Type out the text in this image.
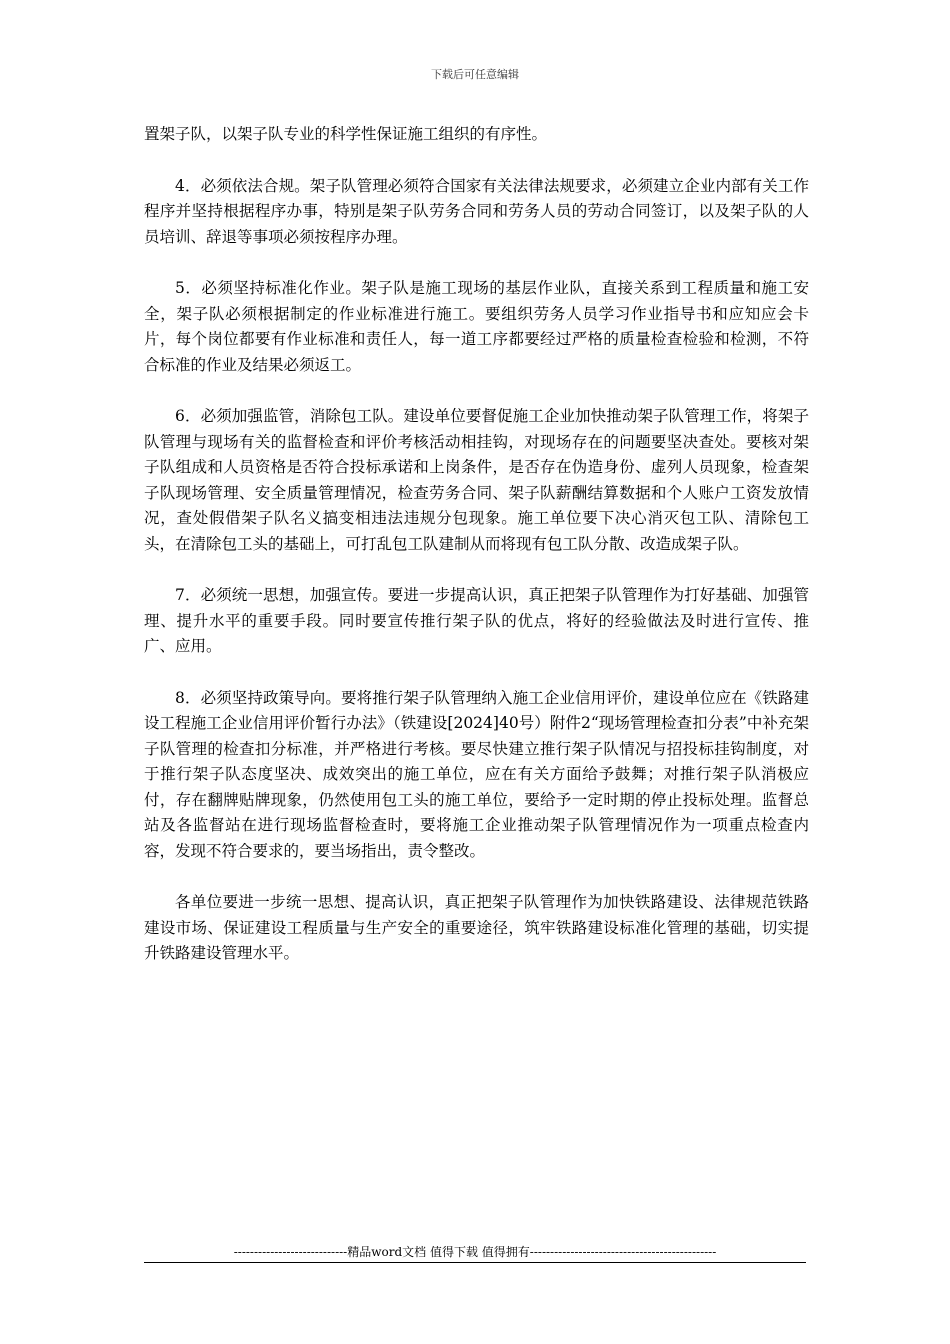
下载后可任意编辑

置架子队，以架子队专业的科学性保证施工组织的有序性。

4．必须依法合规。架子队管理必须符合国家有关法律法规要求，必须建立企业内部有关工作程序并坚持根据程序办事，特别是架子队劳务合同和劳务人员的劳动合同签订，以及架子队的人员培训、辞退等事项必须按程序办理。

5．必须坚持标准化作业。架子队是施工现场的基层作业队，直接关系到工程质量和施工安全，架子队必须根据制定的作业标准进行施工。要组织劳务人员学习作业指导书和应知应会卡片，每个岗位都要有作业标准和责任人，每一道工序都要经过严格的质量检查检验和检测，不符合标准的作业及结果必须返工。

6．必须加强监管，消除包工队。建设单位要督促施工企业加快推动架子队管理工作，将架子队管理与现场有关的监督检查和评价考核活动相挂钩，对现场存在的问题要坚决查处。要核对架子队组成和人员资格是否符合投标承诺和上岗条件，是否存在伪造身份、虚列人员现象，检查架子队现场管理、安全质量管理情况，检查劳务合同、架子队薪酬结算数据和个人账户工资发放情况，查处假借架子队名义搞变相违法违规分包现象。施工单位要下决心消灭包工队、清除包工头，在清除包工头的基础上，可打乱包工队建制从而将现有包工队分散、改造成架子队。

7．必须统一思想，加强宣传。要进一步提高认识，真正把架子队管理作为打好基础、加强管理、提升水平的重要手段。同时要宣传推行架子队的优点，将好的经验做法及时进行宣传、推广、应用。

8．必须坚持政策导向。要将推行架子队管理纳入施工企业信用评价，建设单位应在《铁路建设工程施工企业信用评价暂行办法》（铁建设[2024]40号）附件2“现场管理检查扣分表”中补充架子队管理的检查扣分标准，并严格进行考核。要尽快建立推行架子队情况与招投标挂钩制度，对于推行架子队态度坚决、成效突出的施工单位，应在有关方面给予鼓舞；对推行架子队消极应付，存在翻牌贴牌现象，仍然使用包工头的施工单位，要给予一定时期的停止投标处理。监督总站及各监督站在进行现场监督检查时，要将施工企业推动架子队管理情况作为一项重点检查内容，发现不符合要求的，要当场指出，责令整改。

各单位要进一步统一思想、提高认识，真正把架子队管理作为加快铁路建设、法律规范铁路建设市场、保证建设工程质量与生产安全的重要途径，筑牢铁路建设标准化管理的基础，切实提升铁路建设管理水平。

----------------------------精品word文档 值得下载 值得拥有----------------------------------------------
